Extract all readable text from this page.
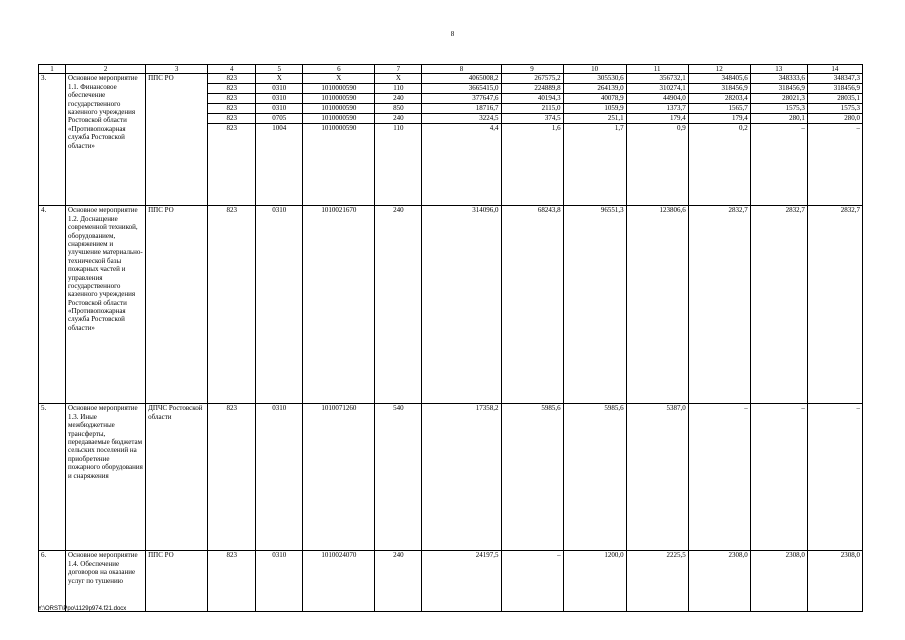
8
1	2	3	4	5	6	7	8	9	10	11	12	13	14
3.	Основное мероприятие 1.1. Финансовое обеспечение государственного казенного учреждения Ростовской области «Противопожарная служба Ростовской области»	ППС РО	823	Х	Х	Х	4065008,2	267575,2	305530,6	356732,1	348405,6	348333,6	348347,3
			823	0310	1010000590	110	3665415,0	224889,8	264139,0	310274,1	318456,9	318456,9	318456,9
			823	0310	1010000590	240	377647,6	40194,3	40078,9	44904,0	28203,4	28021,3	28035,1
			823	0310	1010000590	850	18716,7	2115,0	1059,9	1373,7	1565,7	1575,3	1575,3
			823	0705	1010000590	240	3224,5	374,5	251,1	179,4	179,4	280,1	280,0
			823	1004	1010000590	110	4,4	1,6	1,7	0,9	0,2	–	–
4.	Основное мероприятие 1.2. Доснащение современной техникой, оборудованием, снаряжением и улучшение материально-технической базы пожарных частей и управления государственного казенного учреждения Ростовской области «Противопожарная служба Ростовской области»	ППС РО	823	0310	1010021670	240	314096,0	68243,8	96551,3	123806,6	2832,7	2832,7	2832,7
5.	Основное мероприятие 1.3. Иные межбюджетные трансферты, передаваемые бюджетам сельских поселений на приобретение пожарного оборудования и снаряжения	ДПЧС Ростовской области	823	0310	1010071260	540	17358,2	5985,6	5985,6	5387,0	–	–	–
6.	Основное мероприятие 1.4. Обеспечение договоров на оказание услуг по тушению	ППС РО	823	0310	1010024070	240	24197,5	–	1200,0	2225,5	2308,0	2308,0	2308,0
Y:\ORST\Ppo\1129p974.f21.docx
